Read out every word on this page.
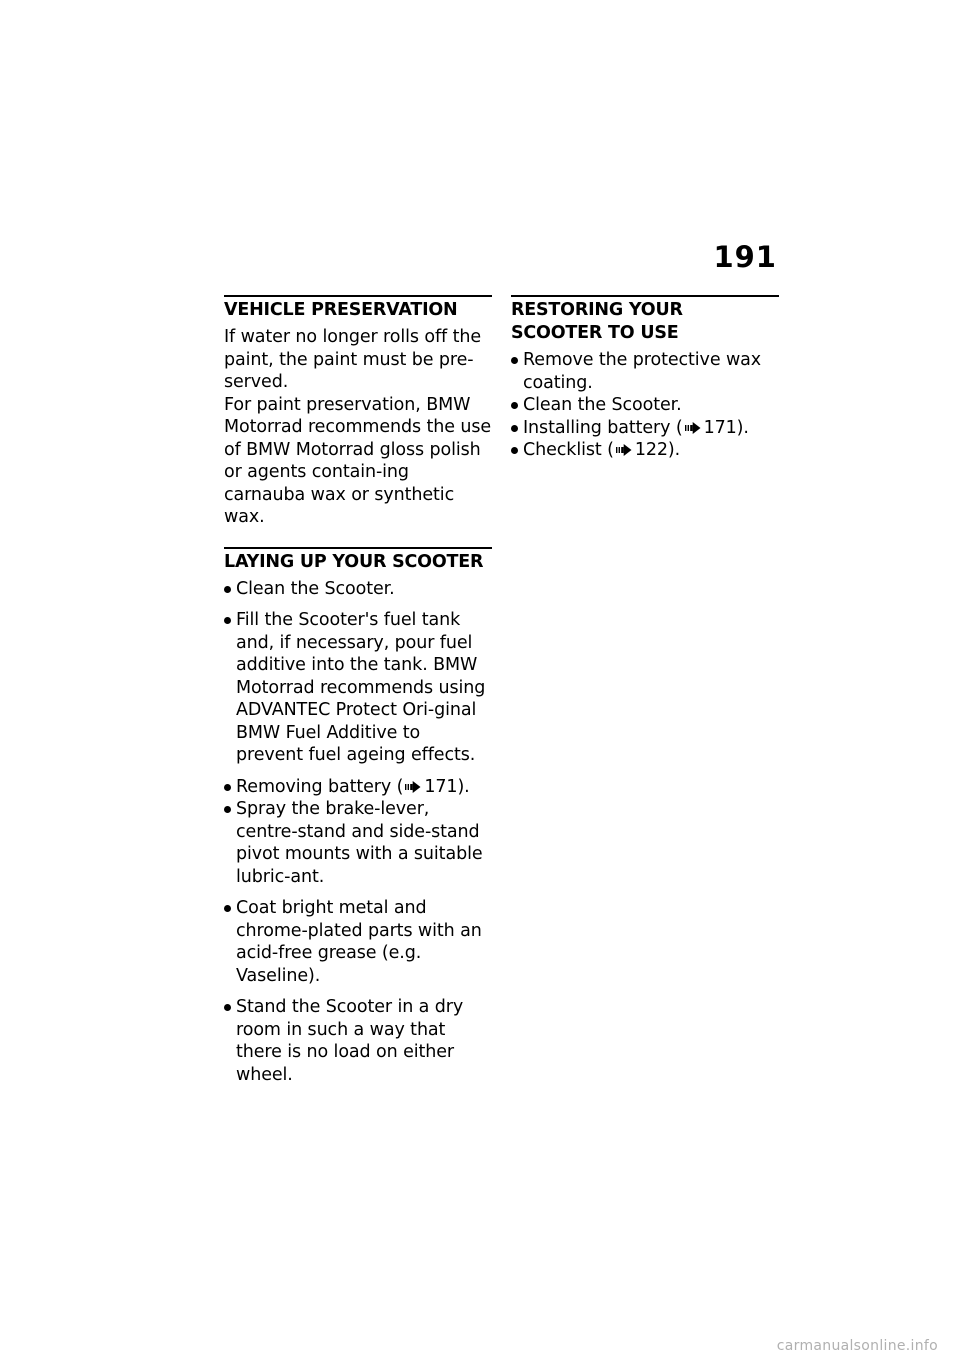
191
VEHICLE PRESERVATION

If water no longer rolls off the paint, the paint must be pre-served.

For paint preservation, BMW Motorrad recommends the use of BMW Motorrad gloss polish or agents contain-ing carnauba wax or synthetic wax.

LAYING UP YOUR SCOOTER
Clean the Scooter.
Fill the Scooter's fuel tank and, if necessary, pour fuel additive into the tank. BMW Motorrad recommends using ADVANTEC Protect Ori-ginal BMW Fuel Additive to prevent fuel ageing effects.
Removing battery ( 171).
Spray the brake-lever, centre-stand and side-stand pivot mounts with a suitable lubric-ant.
Coat bright metal and chrome-plated parts with an acid-free grease (e.g. Vaseline).
Stand the Scooter in a dry room in such a way that there is no load on either wheel.
RESTORING YOUR SCOOTER TO USE
Remove the protective wax coating.
Clean the Scooter.
Installing battery ( 171).
Checklist ( 122).
carmanualsonline.info
